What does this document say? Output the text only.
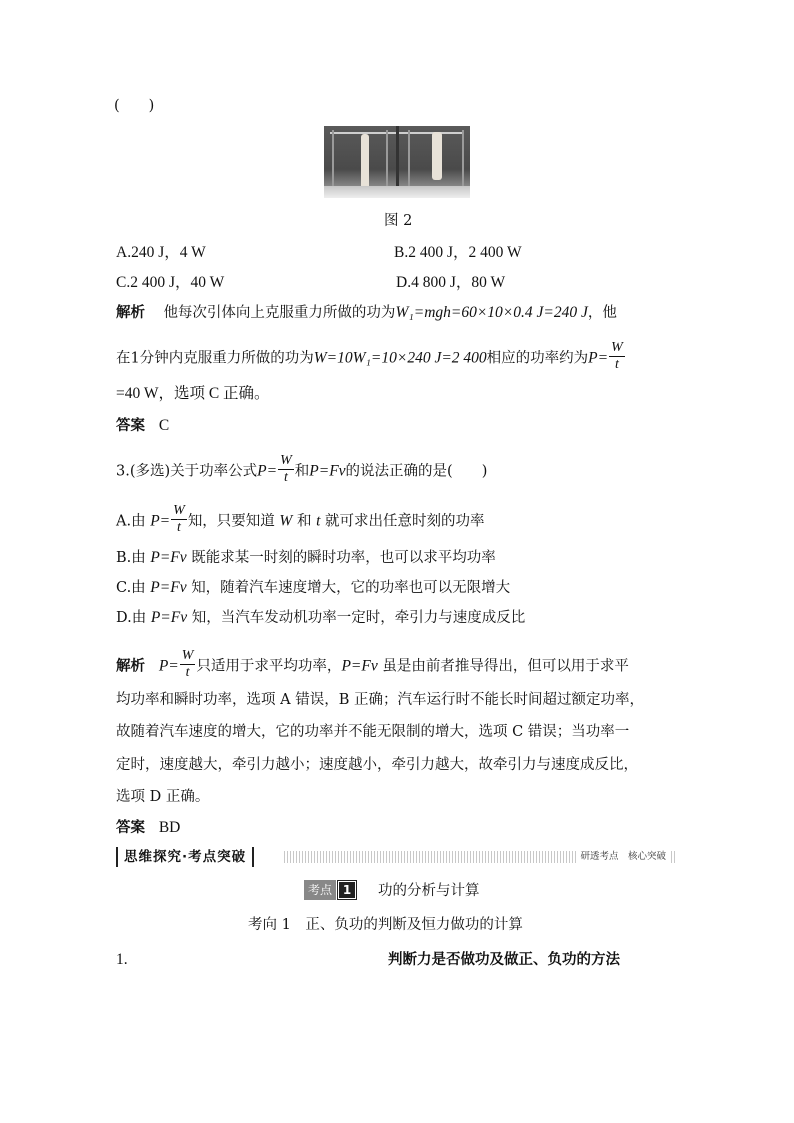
(　　)
图 2
A.240 J，4 W	B.2 400 J，2 400 W
C.2 400 J，40 W	D.4 800 J，80 W
解析 他每次引体向上克服重力所做的功为W₁=mgh=60×10×0.4 J=240 J，他
在1分钟内克服重力所做的功为W=10W₁=10×240 J=2 400相应的功率约为$P= \frac{W}{t}$
=40 W，选项 C 正确。
答案 C
3.(多选)关于功率公式$P= \frac{W}{t}$ 和P=Fv的说法正确的是(　　)
A.由 $P= \frac{W}{t}$ 知，只要知道 W 和 t 就可求出任意时刻的功率
B.由 P=Fv 既能求某一时刻的瞬时功率，也可以求平均功率
C.由 P=Fv 知，随着汽车速度增大，它的功率也可以无限增大
D.由 P=Fv 知，当汽车发动机功率一定时，牵引力与速度成反比
解析 $P= \frac{W}{t}$ 只适用于求平均功率，P=Fv 虽是由前者推导得出，但可以用于求平
均功率和瞬时功率，选项 A 错误，B 正确；汽车运行时不能长时间超过额定功率，
故随着汽车速度的增大，它的功率并不能无限制的增大，选项 C 错误；当功率一
定时，速度越大，牵引力越小；速度越小，牵引力越大，故牵引力与速度成反比，
选项 D 正确。
答案 BD
思维探究·考点突破	研透考点　核心突破
考点 1	功的分析与计算
考向 1　正、负功的判断及恒力做功的计算
1.	判断力是否做功及做正、负功的方法
